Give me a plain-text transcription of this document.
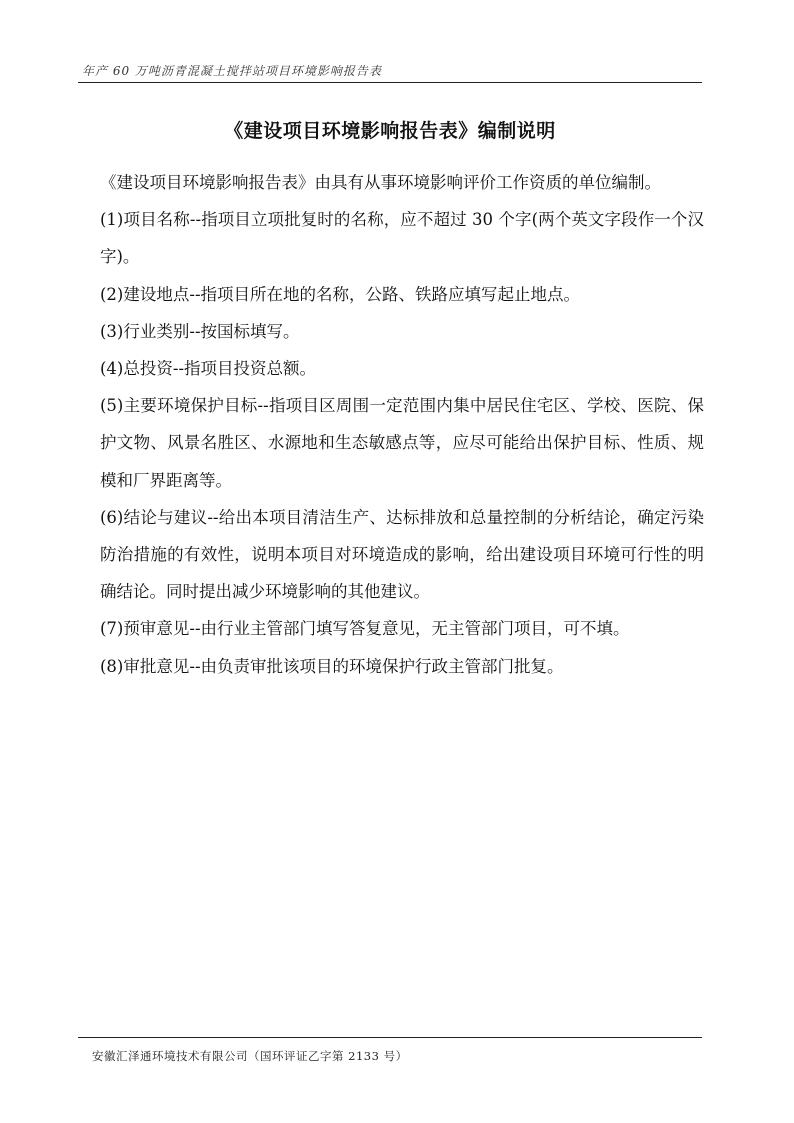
年产 60 万吨沥青混凝土搅拌站项目环境影响报告表
《建设项目环境影响报告表》编制说明

《建设项目环境影响报告表》由具有从事环境影响评价工作资质的单位编制。

(1)项目名称--指项目立项批复时的名称，应不超过 30 个字(两个英文字段作一个汉字)。

(2)建设地点--指项目所在地的名称，公路、铁路应填写起止地点。

(3)行业类别--按国标填写。

(4)总投资--指项目投资总额。

(5)主要环境保护目标--指项目区周围一定范围内集中居民住宅区、学校、医院、保护文物、风景名胜区、水源地和生态敏感点等，应尽可能给出保护目标、性质、规模和厂界距离等。

(6)结论与建议--给出本项目清洁生产、达标排放和总量控制的分析结论，确定污染防治措施的有效性，说明本项目对环境造成的影响，给出建设项目环境可行性的明确结论。同时提出减少环境影响的其他建议。

(7)预审意见--由行业主管部门填写答复意见，无主管部门项目，可不填。

(8)审批意见--由负责审批该项目的环境保护行政主管部门批复。

安徽汇泽通环境技术有限公司（国环评证乙字第 2133 号）
